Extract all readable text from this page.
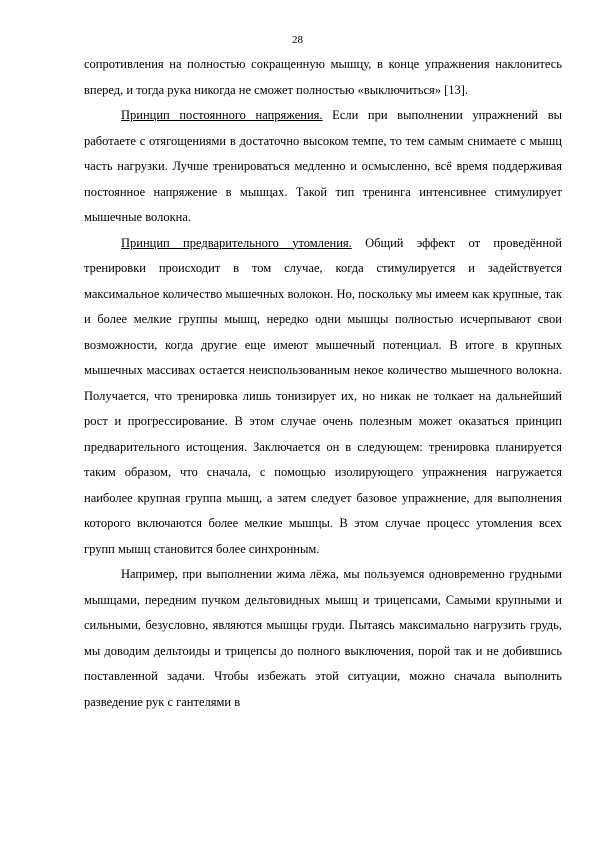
28

сопротивления на полностью сокращенную мышцу, в конце упражнения наклонитесь вперед, и тогда рука никогда не сможет полностью «выключиться» [13].

Принцип постоянного напряжения. Если при выполнении упражнений вы работаете с отягощениями в достаточно высоком темпе, то тем самым снимаете с мышц часть нагрузки. Лучше тренироваться медленно и осмысленно, всё время поддерживая постоянное напряжение в мышцах. Такой тип тренинга интенсивнее стимулирует мышечные волокна.

Принцип предварительного утомления. Общий эффект от проведённой тренировки происходит в том случае, когда стимулируется и задействуется максимальное количество мышечных волокон. Но, поскольку мы имеем как крупные, так и более мелкие группы мышц, нередко одни мышцы полностью исчерпывают свои возможности, когда другие еще имеют мышечный потенциал. В итоге в крупных мышечных массивах остается неиспользованным некое количество мышечного волокна. Получается, что тренировка лишь тонизирует их, но никак не толкает на дальнейший рост и прогрессирование. В этом случае очень полезным может оказаться принцип предварительного истощения. Заключается он в следующем: тренировка планируется таким образом, что сначала, с помощью изолирующего упражнения нагружается наиболее крупная группа мышц, а затем следует базовое упражнение, для выполнения которого включаются более мелкие мышцы. В этом случае процесс утомления всех групп мышц становится более синхронным.

Например, при выполнении жима лёжа, мы пользуемся одновременно грудными мышцами, передним пучком дельтовидных мышц и трицепсами, Самыми крупными и сильными, безусловно, являются мышцы груди. Пытаясь максимально нагрузить грудь, мы доводим дельтоиды и трицепсы до полного выключения, порой так и не добившись поставленной задачи. Чтобы избежать этой ситуации, можно сначала выполнить разведение рук с гантелями в
